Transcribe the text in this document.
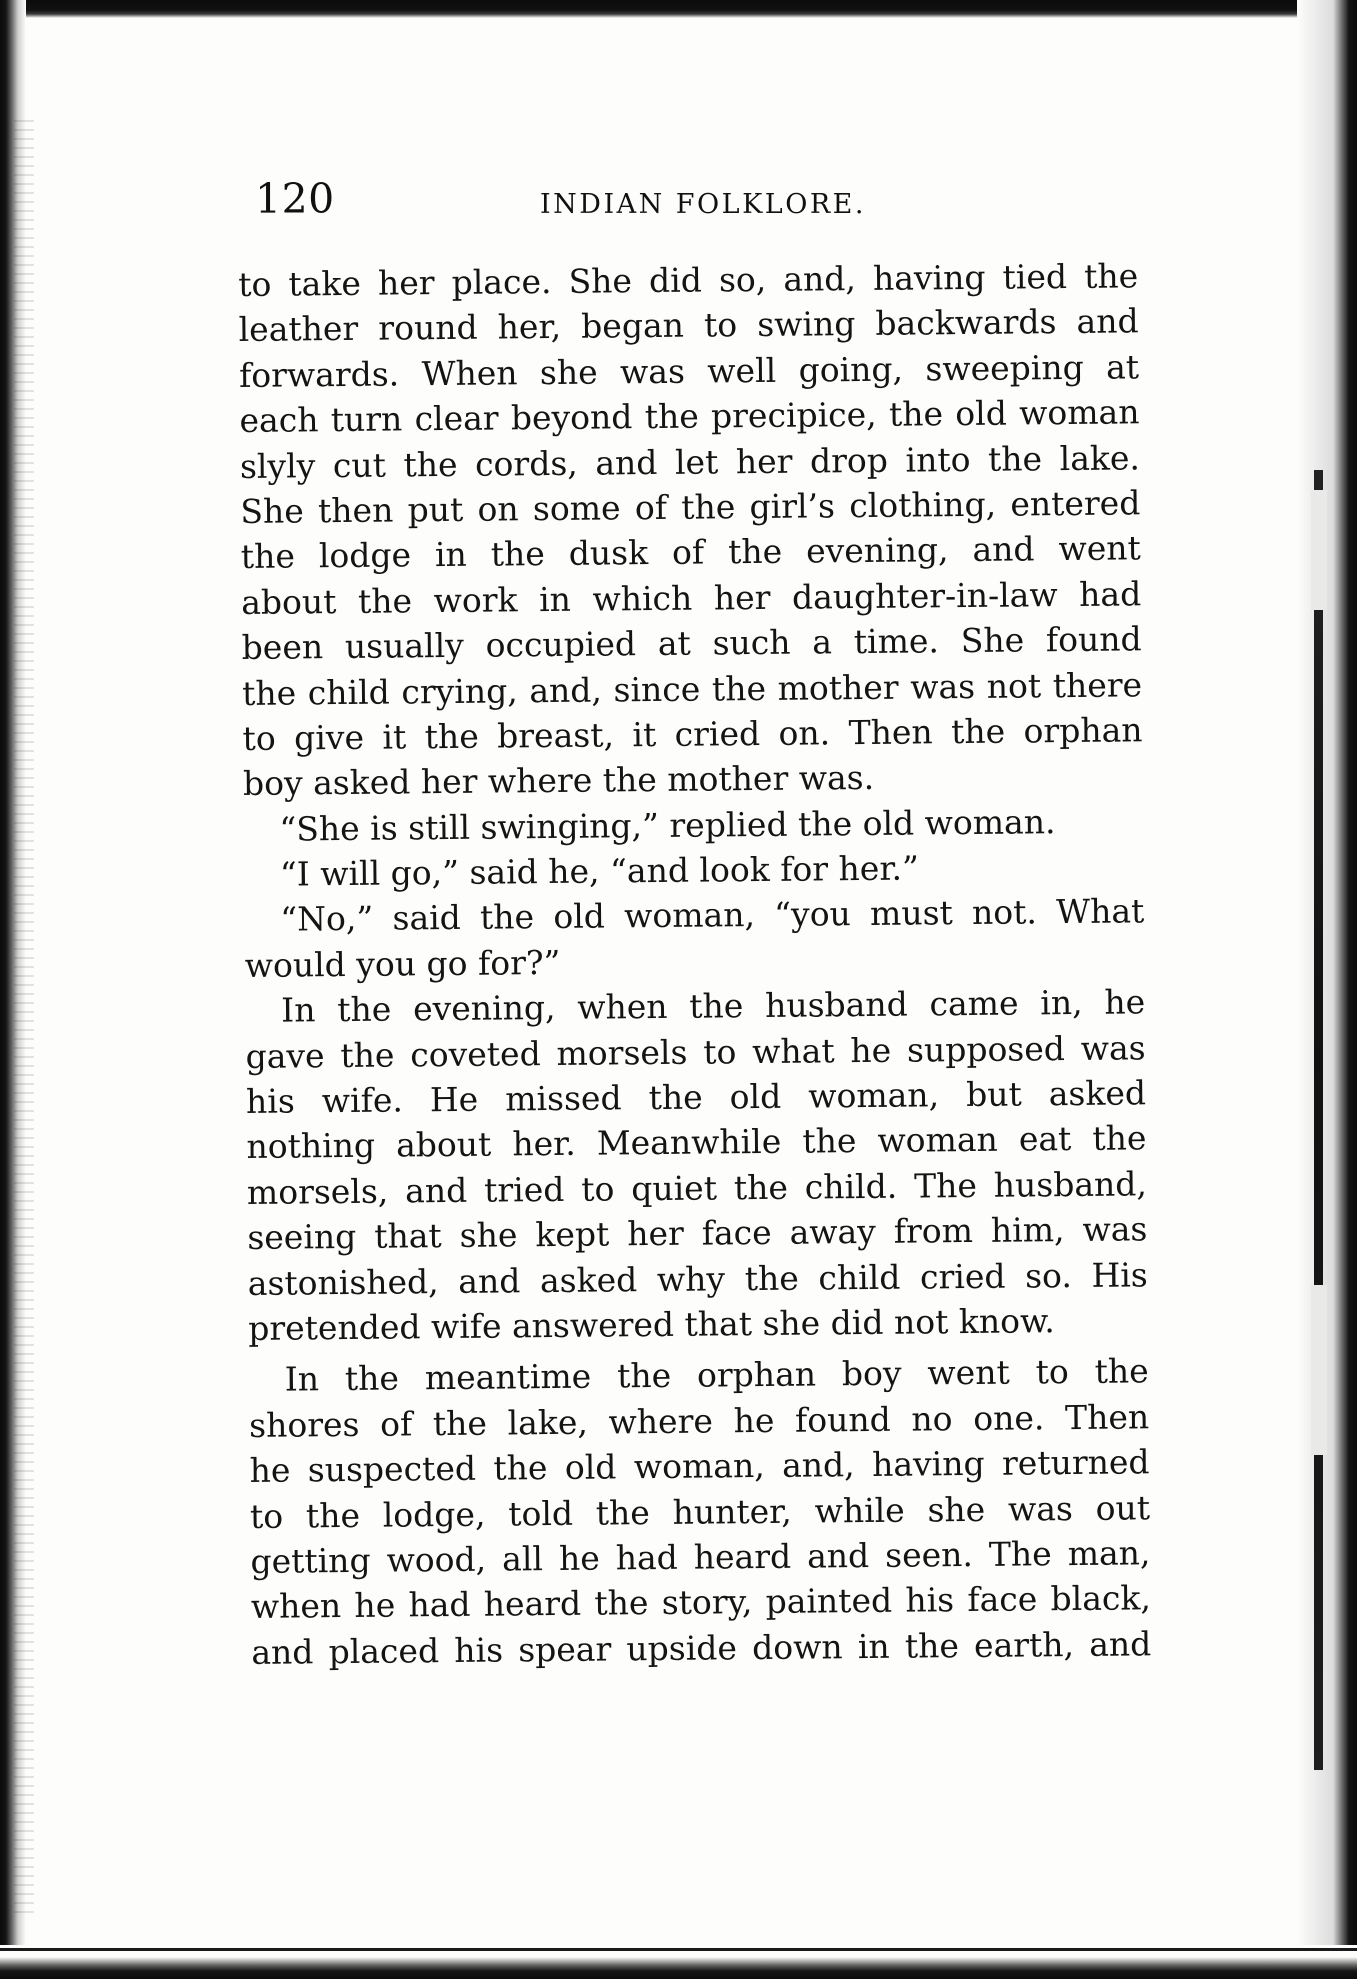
120	INDIAN FOLKLORE.
to take her place. She did so, and, having tied the
leather round her, began to swing backwards and
forwards. When she was well going, sweeping at
each turn clear beyond the precipice, the old woman
slyly cut the cords, and let her drop into the lake.
She then put on some of the girl’s clothing, entered
the lodge in the dusk of the evening, and went
about the work in which her daughter-in-law had
been usually occupied at such a time. She found
the child crying, and, since the mother was not there
to give it the breast, it cried on. Then the orphan
boy asked her where the mother was.
“She is still swinging,” replied the old woman.
“I will go,” said he, “and look for her.”
“No,” said the old woman, “you must not. What
would you go for?”
In the evening, when the husband came in, he
gave the coveted morsels to what he supposed was
his wife. He missed the old woman, but asked
nothing about her. Meanwhile the woman eat the
morsels, and tried to quiet the child. The husband,
seeing that she kept her face away from him, was
astonished, and asked why the child cried so. His
pretended wife answered that she did not know.
In the meantime the orphan boy went to the
shores of the lake, where he found no one. Then
he suspected the old woman, and, having returned
to the lodge, told the hunter, while she was out
getting wood, all he had heard and seen. The man,
when he had heard the story, painted his face black,
and placed his spear upside down in the earth, and
